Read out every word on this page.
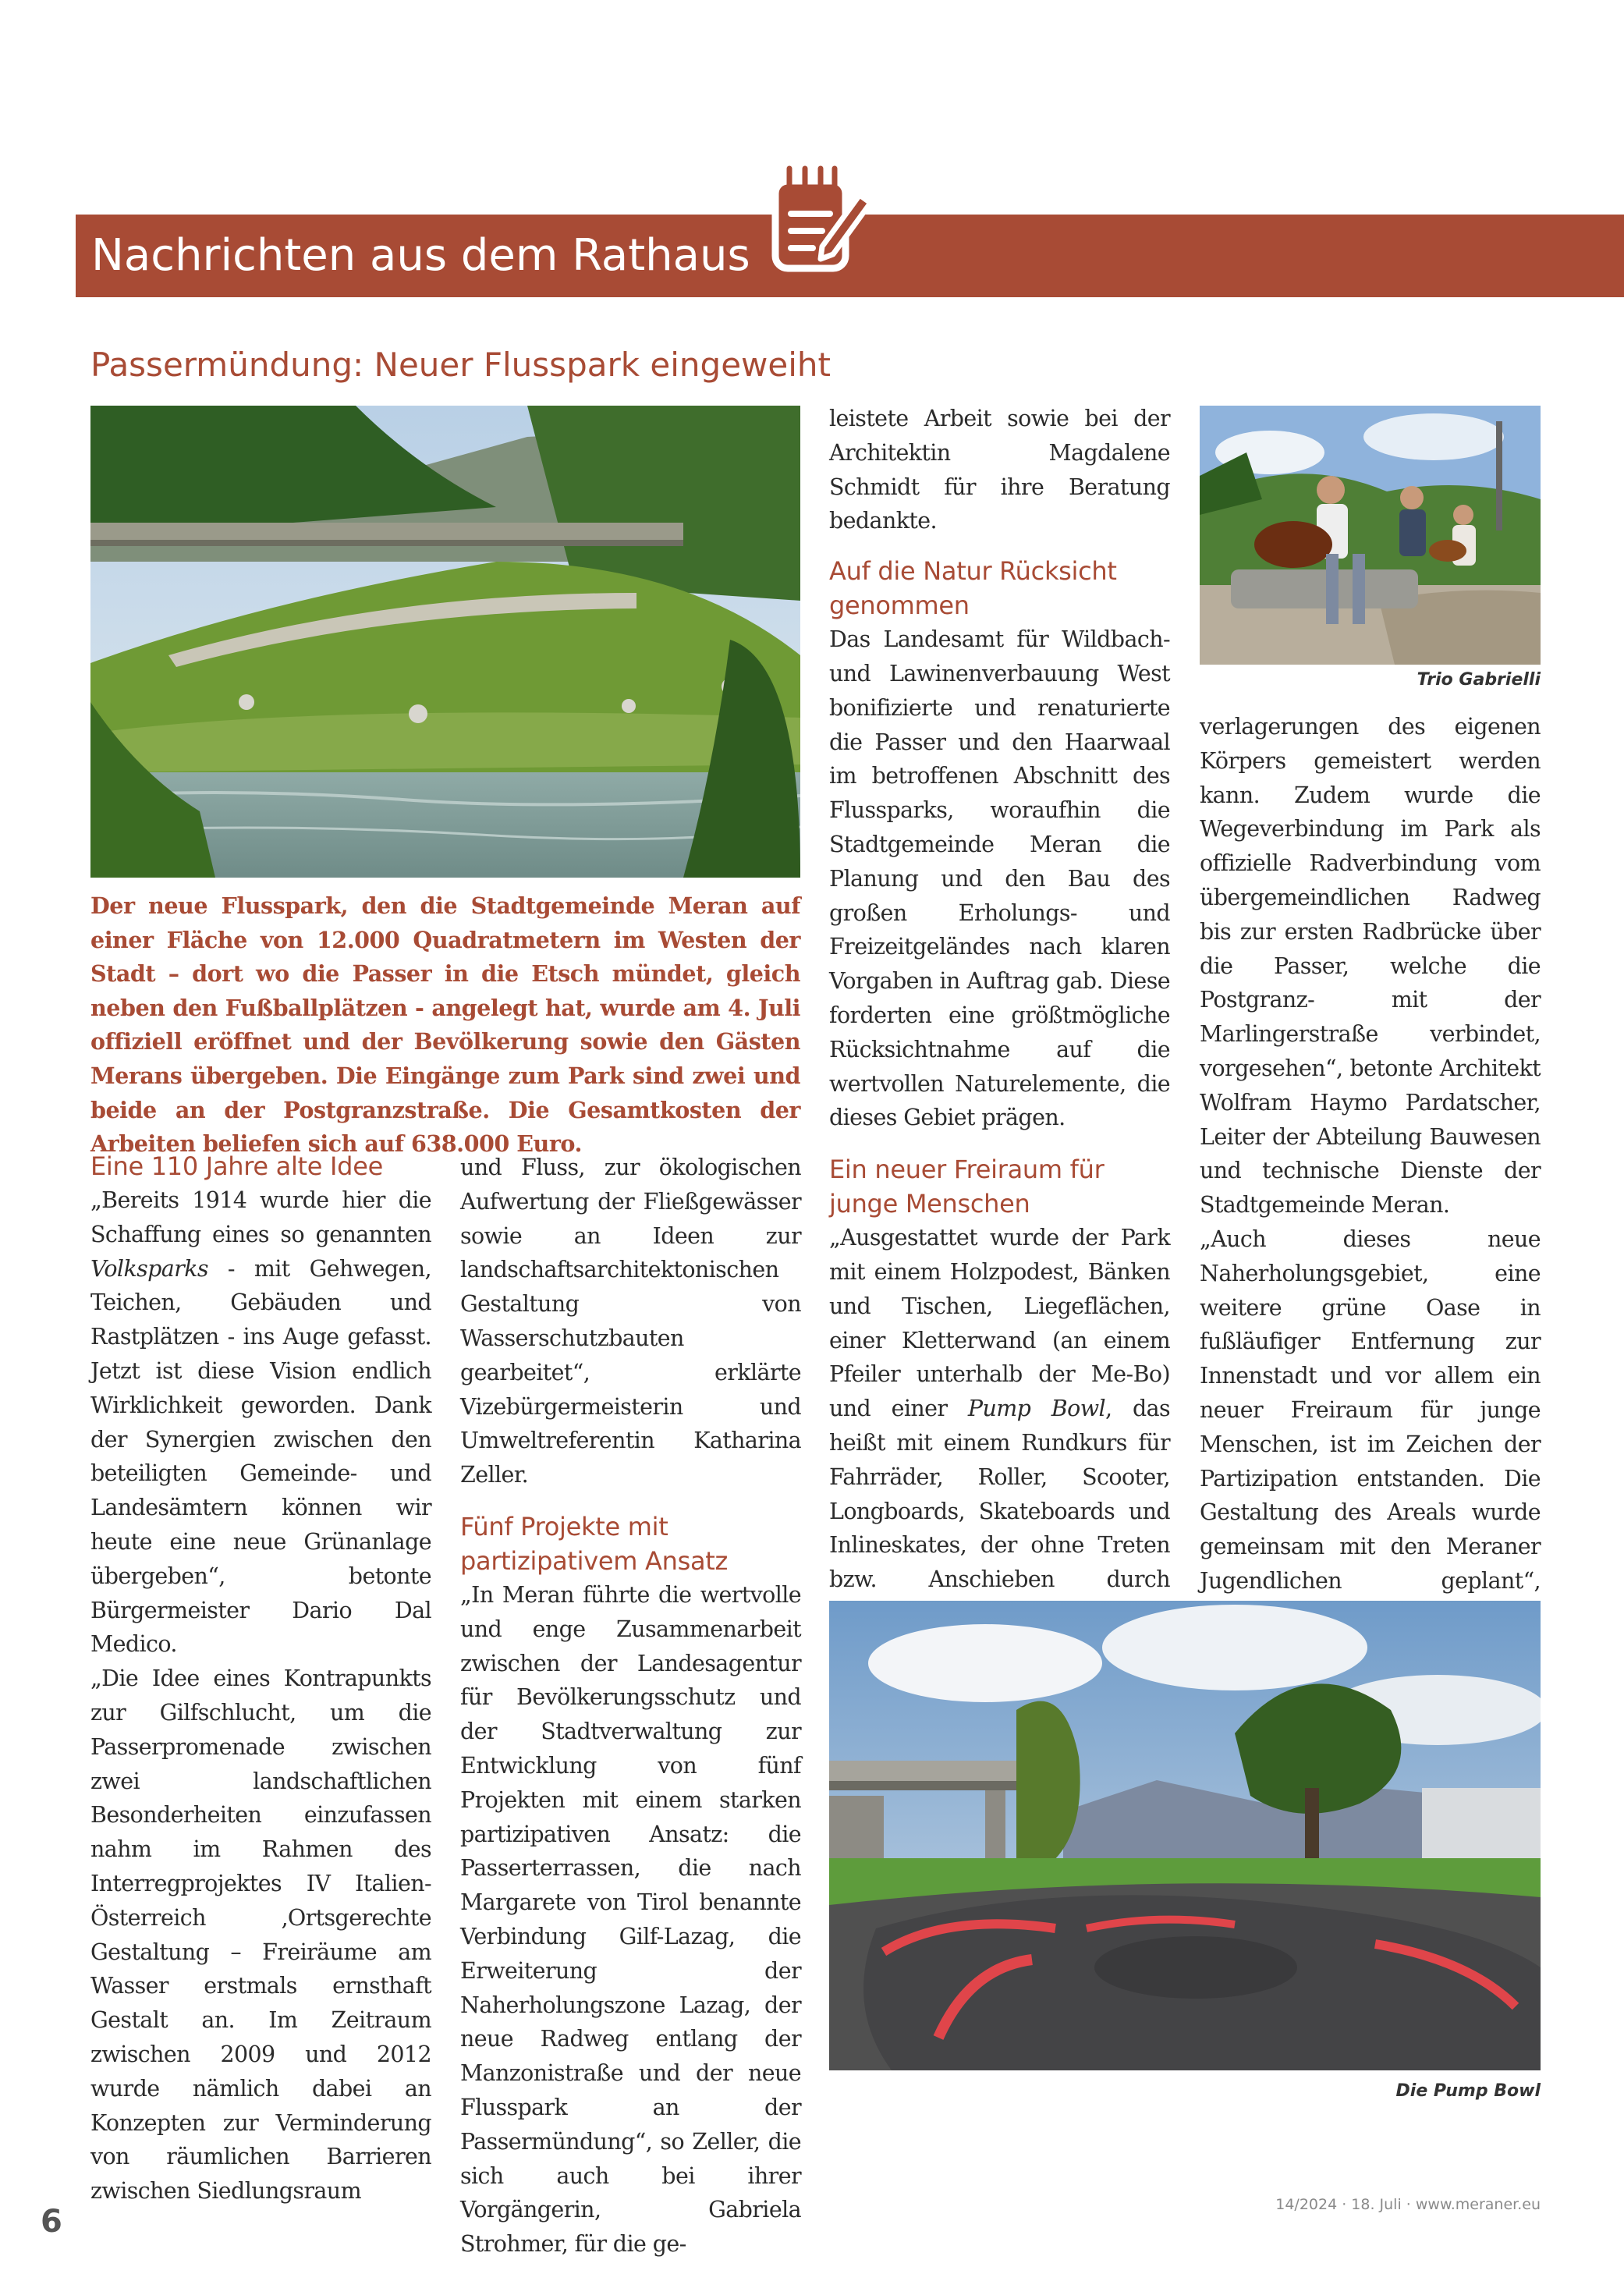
Nachrichten aus dem Rathaus
Passermündung: Neuer Flusspark eingeweiht
Der neue Flusspark, den die Stadtgemeinde Meran auf einer Fläche von 12.000 Quadratmetern im Westen der Stadt – dort wo die Passer in die Etsch mündet, gleich neben den Fußballplätzen - angelegt hat, wurde am 4. Juli offiziell eröffnet und der Bevölkerung sowie den Gästen Merans übergeben. Die Eingänge zum Park sind zwei und beide an der Postgranzstraße. Die Gesamtkosten der Arbeiten beliefen sich auf 638.000 Euro.
Eine 110 Jahre alte Idee

„Bereits 1914 wurde hier die Schaffung eines so genannten Volksparks - mit Gehwegen, Teichen, Gebäuden und Rastplätzen - ins Auge gefasst. Jetzt ist diese Vision endlich Wirklichkeit geworden. Dank der Synergien zwischen den beteiligten Gemeinde- und Landesämtern können wir heute eine neue Grünanlage übergeben“, betonte Bürgermeister Dario Dal Medico.

„Die Idee eines Kontrapunkts zur Gilfschlucht, um die Passerpromenade zwischen zwei landschaftlichen Besonderheiten einzufassen nahm im Rahmen des Interregprojektes IV Italien-Österreich ‚Ortsgerechte Gestaltung – Freiräume am Wasser erstmals ernsthaft Gestalt an. Im Zeitraum zwischen 2009 und 2012 wurde nämlich dabei an Konzepten zur Verminderung von räumlichen Barrieren zwischen Siedlungsraum

und Fluss, zur ökologischen Aufwertung der Fließgewässer sowie an Ideen zur landschaftsarchitektonischen Gestaltung von Wasserschutzbauten gearbeitet“, erklärte Vizebürgermeisterin und Umweltreferentin Katharina Zeller.

Fünf Projekte mit partizipativem Ansatz

„In Meran führte die wertvolle und enge Zusammenarbeit zwischen der Landesagentur für Bevölkerungsschutz und der Stadtverwaltung zur Entwicklung von fünf Projekten mit einem starken partizipativen Ansatz: die Passerterrassen, die nach Margarete von Tirol benannte Verbindung Gilf-Lazag, die Erweiterung der Naherholungszone Lazag, der neue Radweg entlang der Manzonistraße und der neue Flusspark an der Passermündung“, so Zeller, die sich auch bei ihrer Vorgängerin, Gabriela Strohmer, für die ge-

leistete Arbeit sowie bei der Architektin Magdalene Schmidt für ihre Beratung bedankte.

Auf die Natur Rücksicht genommen

Das Landesamt für Wildbach- und Lawinenverbauung West bonifizierte und renaturierte die Passer und den Haarwaal im betroffenen Abschnitt des Flussparks, woraufhin die Stadtgemeinde Meran die Planung und den Bau des großen Erholungs- und Freizeitgeländes nach klaren Vorgaben in Auftrag gab. Diese forderten eine größtmögliche Rücksichtnahme auf die wertvollen Naturelemente, die dieses Gebiet prägen.

Ein neuer Freiraum für junge Menschen

„Ausgestattet wurde der Park mit einem Holzpodest, Bänken und Tischen, Liegeflächen, einer Kletterwand (an einem Pfeiler unterhalb der Me-Bo) und einer Pump Bowl, das heißt mit einem Rundkurs für Fahrräder, Roller, Scooter, Longboards, Skateboards und Inlineskates, der ohne Treten bzw. Anschieben durch

Trio Gabrielli

verlagerungen des eigenen Körpers gemeistert werden kann. Zudem wurde die Wegeverbindung im Park als offizielle Radverbindung vom übergemeindlichen Radweg bis zur ersten Radbrücke über die Passer, welche die Postgranz- mit der Marlingerstraße verbindet, vorgesehen“, betonte Architekt Wolfram Haymo Pardatscher, Leiter der Abteilung Bauwesen und technische Dienste der Stadtgemeinde Meran.

„Auch dieses neue Naherholungsgebiet, eine weitere grüne Oase in fußläufiger Entfernung zur Innenstadt und vor allem ein neuer Freiraum für junge Menschen, ist im Zeichen der Partizipation entstanden. Die Gestaltung des Areals wurde gemeinsam mit den Meraner Jugendlichen geplant“,

Die Pump Bowl
6	14/2024 · 18. Juli · www.meraner.eu
